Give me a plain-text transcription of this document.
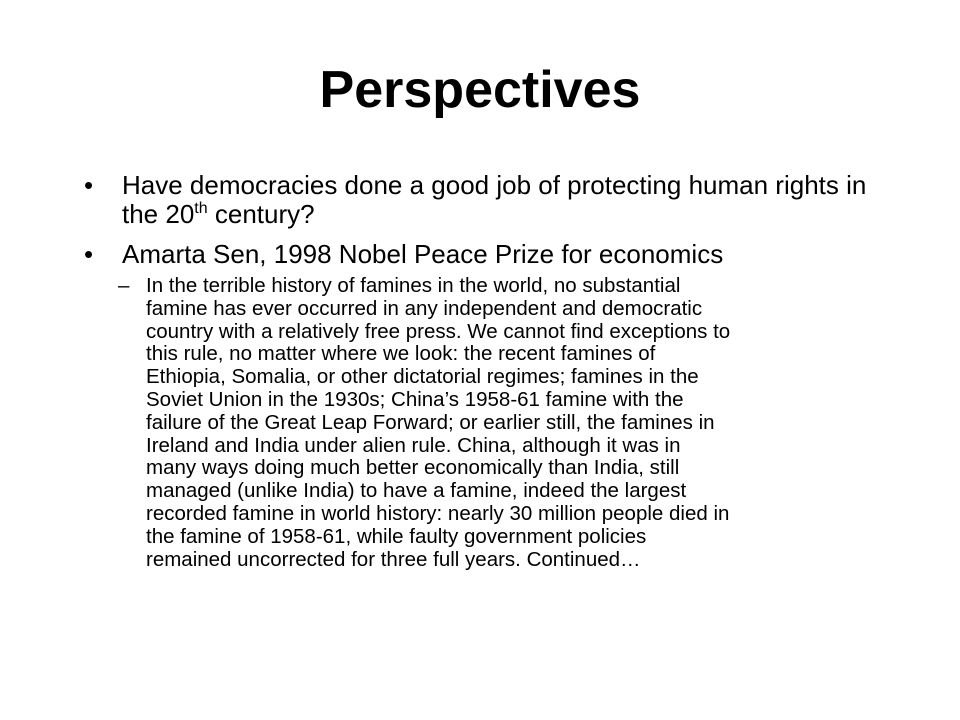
Perspectives
• Have democracies done a good job of protecting human rights in the 20th century?
• Amarta Sen, 1998 Nobel Peace Prize for economics
– In the terrible history of famines in the world, no substantial
famine has ever occurred in any independent and democratic
country with a relatively free press. We cannot find exceptions to
this rule, no matter where we look: the recent famines of
Ethiopia, Somalia, or other dictatorial regimes; famines in the
Soviet Union in the 1930s; China’s 1958-61 famine with the
failure of the Great Leap Forward; or earlier still, the famines in
Ireland and India under alien rule. China, although it was in
many ways doing much better economically than India, still
managed (unlike India) to have a famine, indeed the largest
recorded famine in world history: nearly 30 million people died in
the famine of 1958-61, while faulty government policies
remained uncorrected for three full years. Continued…
